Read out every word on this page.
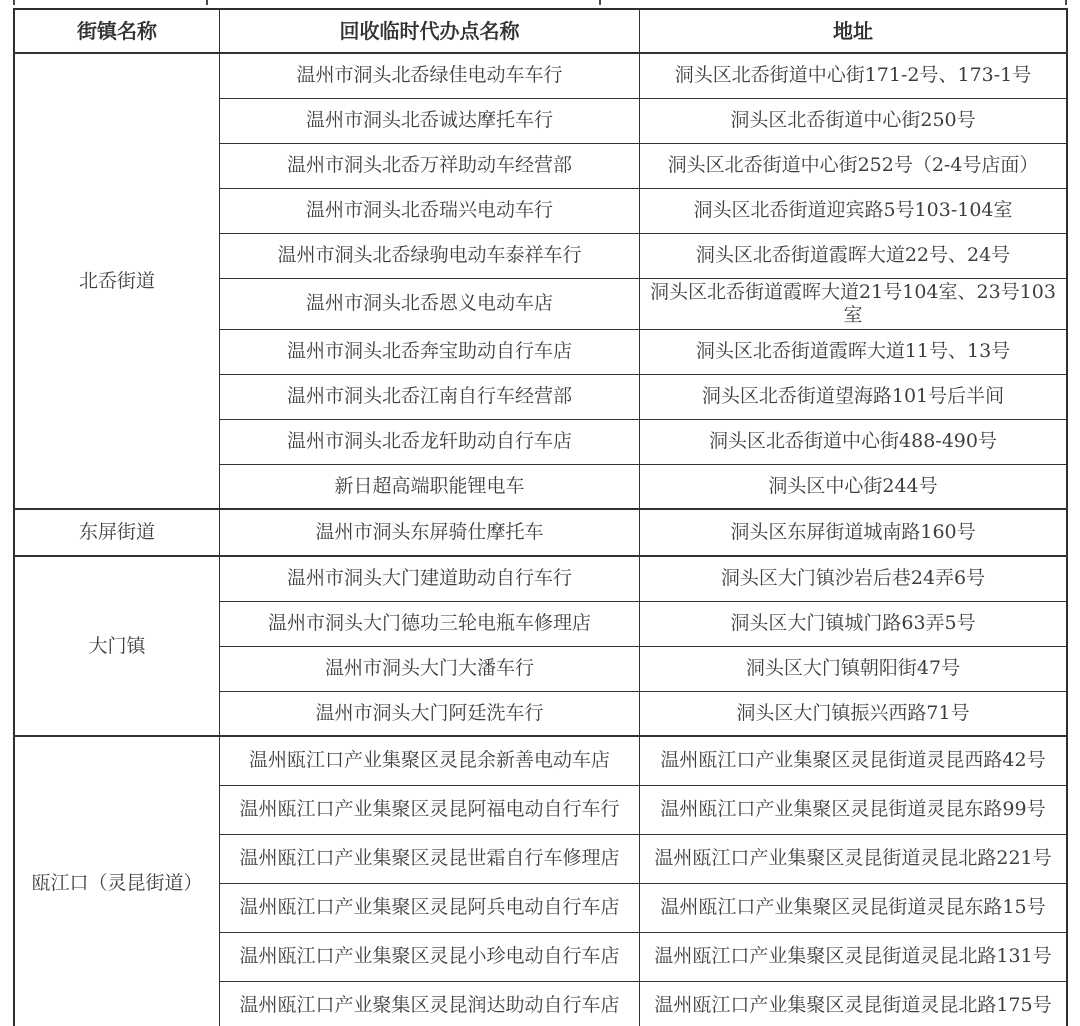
街镇名称	回收临时代办点名称	地址
北岙街道	温州市洞头北岙绿佳电动车车行	洞头区北岙街道中心街171-2号、173-1号
	温州市洞头北岙诚达摩托车行	洞头区北岙街道中心街250号
	温州市洞头北岙万祥助动车经营部	洞头区北岙街道中心街252号（2-4号店面）
	温州市洞头北岙瑞兴电动车行	洞头区北岙街道迎宾路5号103-104室
	温州市洞头北岙绿驹电动车泰祥车行	洞头区北岙街道霞晖大道22号、24号
	温州市洞头北岙恩义电动车店	洞头区北岙街道霞晖大道21号104室、23号103室
	温州市洞头北岙奔宝助动自行车店	洞头区北岙街道霞晖大道11号、13号
	温州市洞头北岙江南自行车经营部	洞头区北岙街道望海路101号后半间
	温州市洞头北岙龙轩助动自行车店	洞头区北岙街道中心街488-490号
	新日超高端职能锂电车	洞头区中心街244号
东屏街道	温州市洞头东屏骑仕摩托车	洞头区东屏街道城南路160号
大门镇	温州市洞头大门建道助动自行车行	洞头区大门镇沙岩后巷24弄6号
	温州市洞头大门德功三轮电瓶车修理店	洞头区大门镇城门路63弄5号
	温州市洞头大门大潘车行	洞头区大门镇朝阳街47号
	温州市洞头大门阿廷洗车行	洞头区大门镇振兴西路71号
瓯江口（灵昆街道）	温州瓯江口产业集聚区灵昆余新善电动车店	温州瓯江口产业集聚区灵昆街道灵昆西路42号
	温州瓯江口产业集聚区灵昆阿福电动自行车行	温州瓯江口产业集聚区灵昆街道灵昆东路99号
	温州瓯江口产业集聚区灵昆世霜自行车修理店	温州瓯江口产业集聚区灵昆街道灵昆北路221号
	温州瓯江口产业集聚区灵昆阿兵电动自行车店	温州瓯江口产业集聚区灵昆街道灵昆东路15号
	温州瓯江口产业集聚区灵昆小珍电动自行车店	温州瓯江口产业集聚区灵昆街道灵昆北路131号
	温州瓯江口产业聚集区灵昆润达助动自行车店	温州瓯江口产业集聚区灵昆街道灵昆北路175号
